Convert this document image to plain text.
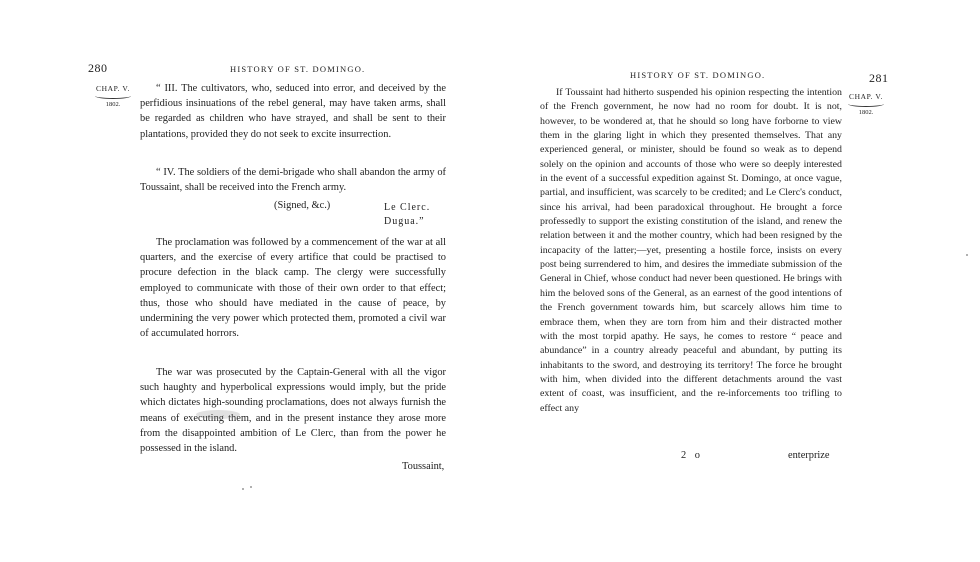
280	HISTORY OF ST. DOMINGO.
CHAP. V.
1802.

“ III. The cultivators, who, seduced into error, and deceived by the perfidious insinuations of the rebel general, may have taken arms, shall be regarded as children who have strayed, and shall be sent to their plantations, provided they do not seek to excite insurrection.

“ IV. The soldiers of the demi-brigade who shall abandon the army of Toussaint, shall be received into the French army.

(Signed, &c.)	Le Clerc.
Dugua.”

The proclamation was followed by a commencement of the war at all quarters, and the exercise of every artifice that could be practised to procure defection in the black camp. The clergy were successfully employed to communicate with those of their own order to that effect; thus, those who should have mediated in the cause of peace, by undermining the very power which protected them, promoted a civil war of accumulated horrors.

The war was prosecuted by the Captain-General with all the vigor such haughty and hyperbolical expressions would imply, but the pride which dictates high-sounding proclamations, does not always furnish the means of executing them, and in the present instance they arose more from the disappointed ambition of Le Clerc, than from the power he possessed in the island.

Toussaint,
HISTORY OF ST. DOMINGO.	281
CHAP. V.
1802.

If Toussaint had hitherto suspended his opinion respecting the intention of the French government, he now had no room for doubt. It is not, however, to be wondered at, that he should so long have forborne to view them in the glaring light in which they presented themselves. That any experienced general, or minister, should be found so weak as to depend solely on the opinion and accounts of those who were so deeply interested in the event of a successful expedition against St. Domingo, at once vague, partial, and insufficient, was scarcely to be credited; and Le Clerc's conduct, since his arrival, had been paradoxical throughout. He brought a force professedly to support the existing constitution of the island, and renew the relation between it and the mother country, which had been resigned by the incapacity of the latter;—yet, presenting a hostile force, insists on every post being surrendered to him, and desires the immediate submission of the General in Chief, whose conduct had never been questioned. He brings with him the beloved sons of the General, as an earnest of the good intentions of the French government towards him, but scarcely allows him time to embrace them, when they are torn from him and their distracted mother with the most torpid apathy. He says, he comes to restore “ peace and abundance” in a country already peaceful and abundant, by putting its inhabitants to the sword, and destroying its territory! The force he brought with him, when divided into the different detachments around the vast extent of coast, was insufficient, and the re-inforcements too trifling to effect any

2 o	enterprize
